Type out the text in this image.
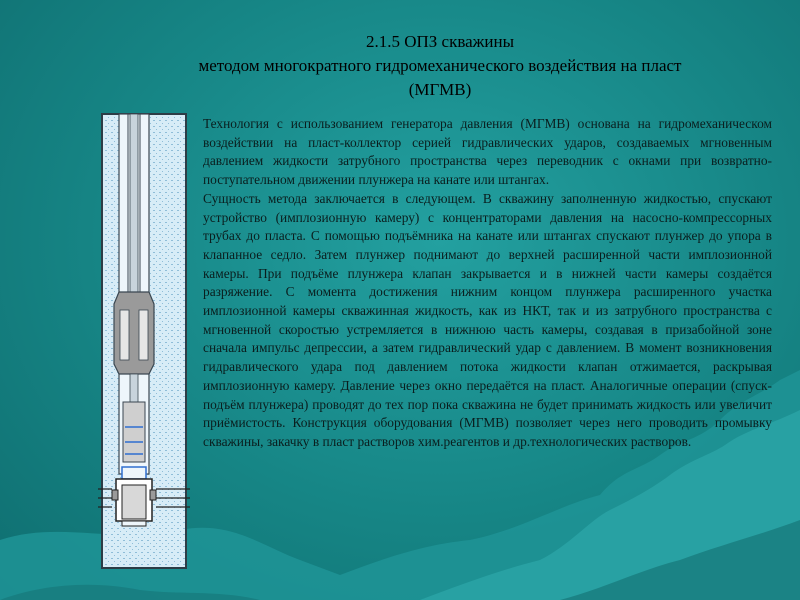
2.1.5 ОПЗ скважины
методом многократного гидромеханического воздействия на пласт
(МГМВ)

Технология с использованием генератора давления (МГМВ) основана на гидромеханическом воздействии на пласт-коллектор серией гидравлических ударов, создаваемых мгновенным давлением жидкости затрубного пространства через переводник с окнами при возвратно-поступательном движении плунжера на канате или штангах.

Сущность метода заключается в следующем. В скважину заполненную жидкостью, спускают устройство (имплозионную камеру) с концентраторами давления на насосно-компрессорных трубах до пласта. С помощью подъёмника на канате или штангах спускают плунжер до упора в клапанное седло. Затем плунжер поднимают до верхней расширенной части имплозионной камеры. При подъёме плунжера клапан закрывается и в нижней части камеры создаётся разряжение. С момента достижения нижним концом плунжера расширенного участка имплозионной камеры скважинная жидкость, как из НКТ, так и из затрубного пространства с мгновенной скоростью устремляется в нижнюю часть камеры, создавая в призабойной зоне сначала импульс депрессии, а затем гидравлический удар с давлением. В момент возникновения гидравлического удара под давлением потока жидкости клапан отжимается, раскрывая имплозионную камеру. Давление через окно передаётся на пласт. Аналогичные операции (спуск-подъём плунжера) проводят до тех пор пока скважина не будет принимать жидкость или увеличит приёмистость. Конструкция оборудования (МГМВ) позволяет через него проводить промывку скважины, закачку в пласт растворов хим.реагентов и др.технологических растворов.
